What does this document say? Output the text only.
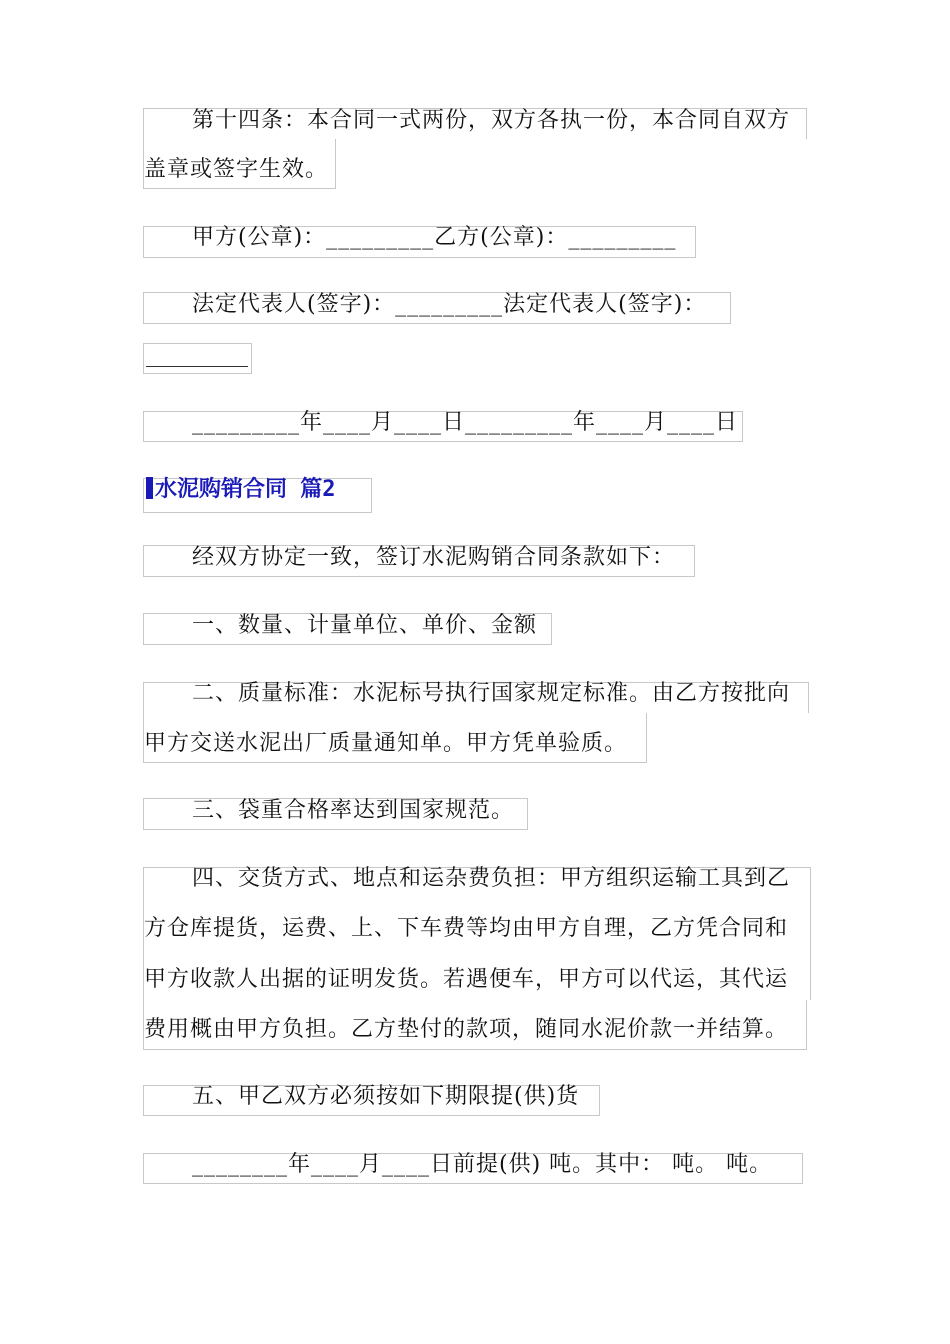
第十四条：本合同一式两份，双方各执一份，本合同自双方
盖章或签字生效。
甲方(公章)：_________乙方(公章)：_________
法定代表人(签字)：_________法定代表人(签字)：
_________年____月____日_________年____月____日
水泥购销合同 篇2
经双方协定一致，签订水泥购销合同条款如下：
一、数量、计量单位、单价、金额
二、质量标准：水泥标号执行国家规定标准。由乙方按批向
甲方交送水泥出厂质量通知单。甲方凭单验质。
三、袋重合格率达到国家规范。
四、交货方式、地点和运杂费负担：甲方组织运输工具到乙
方仓库提货，运费、上、下车费等均由甲方自理，乙方凭合同和
甲方收款人出据的证明发货。若遇便车，甲方可以代运，其代运
费用概由甲方负担。乙方垫付的款项，随同水泥价款一并结算。
五、甲乙双方必须按如下期限提(供)货
________年____月____日前提(供) 吨。其中： 吨。 吨。
